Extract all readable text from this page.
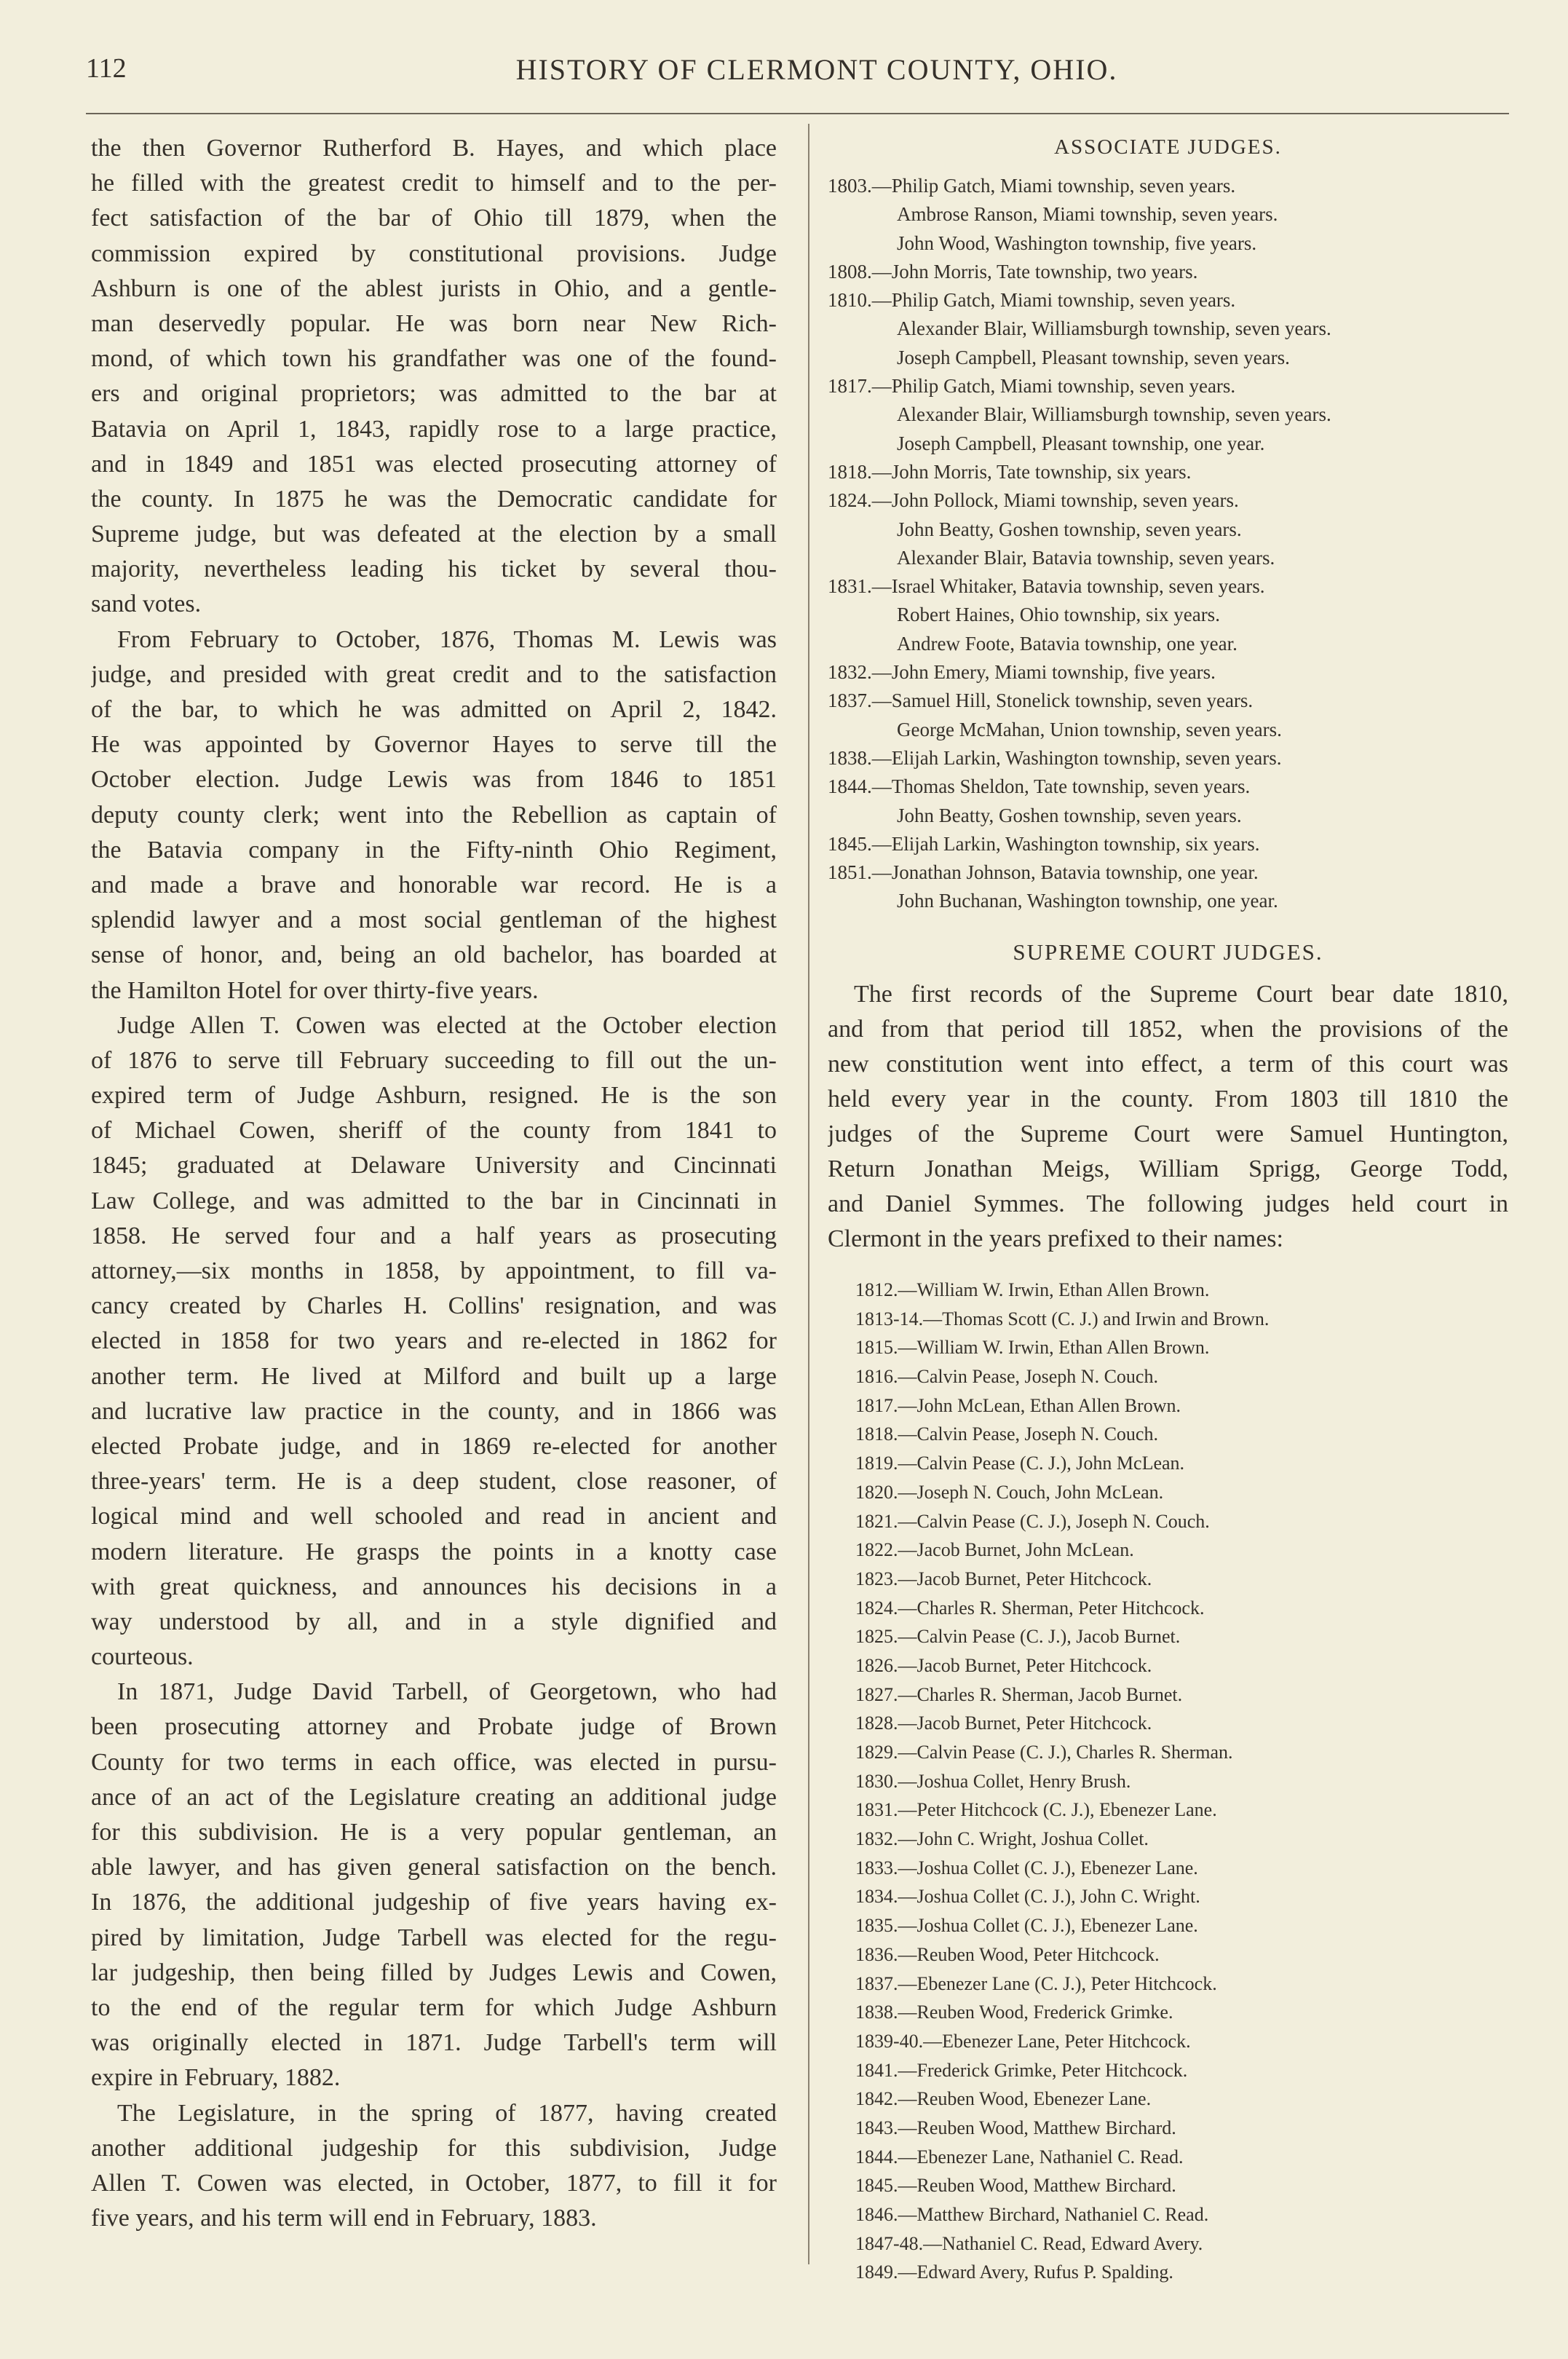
112	HISTORY OF CLERMONT COUNTY, OHIO.
the then Governor Rutherford B. Hayes, and which place
he filled with the greatest credit to himself and to the per-
fect satisfaction of the bar of Ohio till 1879, when the
commission expired by constitutional provisions. Judge
Ashburn is one of the ablest jurists in Ohio, and a gentle-
man deservedly popular. He was born near New Rich-
mond, of which town his grandfather was one of the found-
ers and original proprietors; was admitted to the bar at
Batavia on April 1, 1843, rapidly rose to a large practice,
and in 1849 and 1851 was elected prosecuting attorney of
the county. In 1875 he was the Democratic candidate for
Supreme judge, but was defeated at the election by a small
majority, nevertheless leading his ticket by several thou-
sand votes.
From February to October, 1876, Thomas M. Lewis was
judge, and presided with great credit and to the satisfaction
of the bar, to which he was admitted on April 2, 1842.
He was appointed by Governor Hayes to serve till the
October election. Judge Lewis was from 1846 to 1851
deputy county clerk; went into the Rebellion as captain of
the Batavia company in the Fifty-ninth Ohio Regiment,
and made a brave and honorable war record. He is a
splendid lawyer and a most social gentleman of the highest
sense of honor, and, being an old bachelor, has boarded at
the Hamilton Hotel for over thirty-five years.
Judge Allen T. Cowen was elected at the October election
of 1876 to serve till February succeeding to fill out the un-
expired term of Judge Ashburn, resigned. He is the son
of Michael Cowen, sheriff of the county from 1841 to
1845; graduated at Delaware University and Cincinnati
Law College, and was admitted to the bar in Cincinnati in
1858. He served four and a half years as prosecuting
attorney,—six months in 1858, by appointment, to fill va-
cancy created by Charles H. Collins' resignation, and was
elected in 1858 for two years and re-elected in 1862 for
another term. He lived at Milford and built up a large
and lucrative law practice in the county, and in 1866 was
elected Probate judge, and in 1869 re-elected for another
three-years' term. He is a deep student, close reasoner, of
logical mind and well schooled and read in ancient and
modern literature. He grasps the points in a knotty case
with great quickness, and announces his decisions in a
way understood by all, and in a style dignified and
courteous.
In 1871, Judge David Tarbell, of Georgetown, who had
been prosecuting attorney and Probate judge of Brown
County for two terms in each office, was elected in pursu-
ance of an act of the Legislature creating an additional judge
for this subdivision. He is a very popular gentleman, an
able lawyer, and has given general satisfaction on the bench.
In 1876, the additional judgeship of five years having ex-
pired by limitation, Judge Tarbell was elected for the regu-
lar judgeship, then being filled by Judges Lewis and Cowen,
to the end of the regular term for which Judge Ashburn
was originally elected in 1871. Judge Tarbell's term will
expire in February, 1882.
The Legislature, in the spring of 1877, having created
another additional judgeship for this subdivision, Judge
Allen T. Cowen was elected, in October, 1877, to fill it for
five years, and his term will end in February, 1883.
ASSOCIATE JUDGES.
1803.—Philip Gatch, Miami township, seven years.
Ambrose Ranson, Miami township, seven years.
John Wood, Washington township, five years.
1808.—John Morris, Tate township, two years.
1810.—Philip Gatch, Miami township, seven years.
Alexander Blair, Williamsburgh township, seven years.
Joseph Campbell, Pleasant township, seven years.
1817.—Philip Gatch, Miami township, seven years.
Alexander Blair, Williamsburgh township, seven years.
Joseph Campbell, Pleasant township, one year.
1818.—John Morris, Tate township, six years.
1824.—John Pollock, Miami township, seven years.
John Beatty, Goshen township, seven years.
Alexander Blair, Batavia township, seven years.
1831.—Israel Whitaker, Batavia township, seven years.
Robert Haines, Ohio township, six years.
Andrew Foote, Batavia township, one year.
1832.—John Emery, Miami township, five years.
1837.—Samuel Hill, Stonelick township, seven years.
George McMahan, Union township, seven years.
1838.—Elijah Larkin, Washington township, seven years.
1844.—Thomas Sheldon, Tate township, seven years.
John Beatty, Goshen township, seven years.
1845.—Elijah Larkin, Washington township, six years.
1851.—Jonathan Johnson, Batavia township, one year.
John Buchanan, Washington township, one year.
SUPREME COURT JUDGES.
The first records of the Supreme Court bear date 1810,
and from that period till 1852, when the provisions of the
new constitution went into effect, a term of this court was
held every year in the county. From 1803 till 1810 the
judges of the Supreme Court were Samuel Huntington,
Return Jonathan Meigs, William Sprigg, George Todd,
and Daniel Symmes. The following judges held court in
Clermont in the years prefixed to their names:
1812.—William W. Irwin, Ethan Allen Brown.
1813-14.—Thomas Scott (C. J.) and Irwin and Brown.
1815.—William W. Irwin, Ethan Allen Brown.
1816.—Calvin Pease, Joseph N. Couch.
1817.—John McLean, Ethan Allen Brown.
1818.—Calvin Pease, Joseph N. Couch.
1819.—Calvin Pease (C. J.), John McLean.
1820.—Joseph N. Couch, John McLean.
1821.—Calvin Pease (C. J.), Joseph N. Couch.
1822.—Jacob Burnet, John McLean.
1823.—Jacob Burnet, Peter Hitchcock.
1824.—Charles R. Sherman, Peter Hitchcock.
1825.—Calvin Pease (C. J.), Jacob Burnet.
1826.—Jacob Burnet, Peter Hitchcock.
1827.—Charles R. Sherman, Jacob Burnet.
1828.—Jacob Burnet, Peter Hitchcock.
1829.—Calvin Pease (C. J.), Charles R. Sherman.
1830.—Joshua Collet, Henry Brush.
1831.—Peter Hitchcock (C. J.), Ebenezer Lane.
1832.—John C. Wright, Joshua Collet.
1833.—Joshua Collet (C. J.), Ebenezer Lane.
1834.—Joshua Collet (C. J.), John C. Wright.
1835.—Joshua Collet (C. J.), Ebenezer Lane.
1836.—Reuben Wood, Peter Hitchcock.
1837.—Ebenezer Lane (C. J.), Peter Hitchcock.
1838.—Reuben Wood, Frederick Grimke.
1839-40.—Ebenezer Lane, Peter Hitchcock.
1841.—Frederick Grimke, Peter Hitchcock.
1842.—Reuben Wood, Ebenezer Lane.
1843.—Reuben Wood, Matthew Birchard.
1844.—Ebenezer Lane, Nathaniel C. Read.
1845.—Reuben Wood, Matthew Birchard.
1846.—Matthew Birchard, Nathaniel C. Read.
1847-48.—Nathaniel C. Read, Edward Avery.
1849.—Edward Avery, Rufus P. Spalding.
